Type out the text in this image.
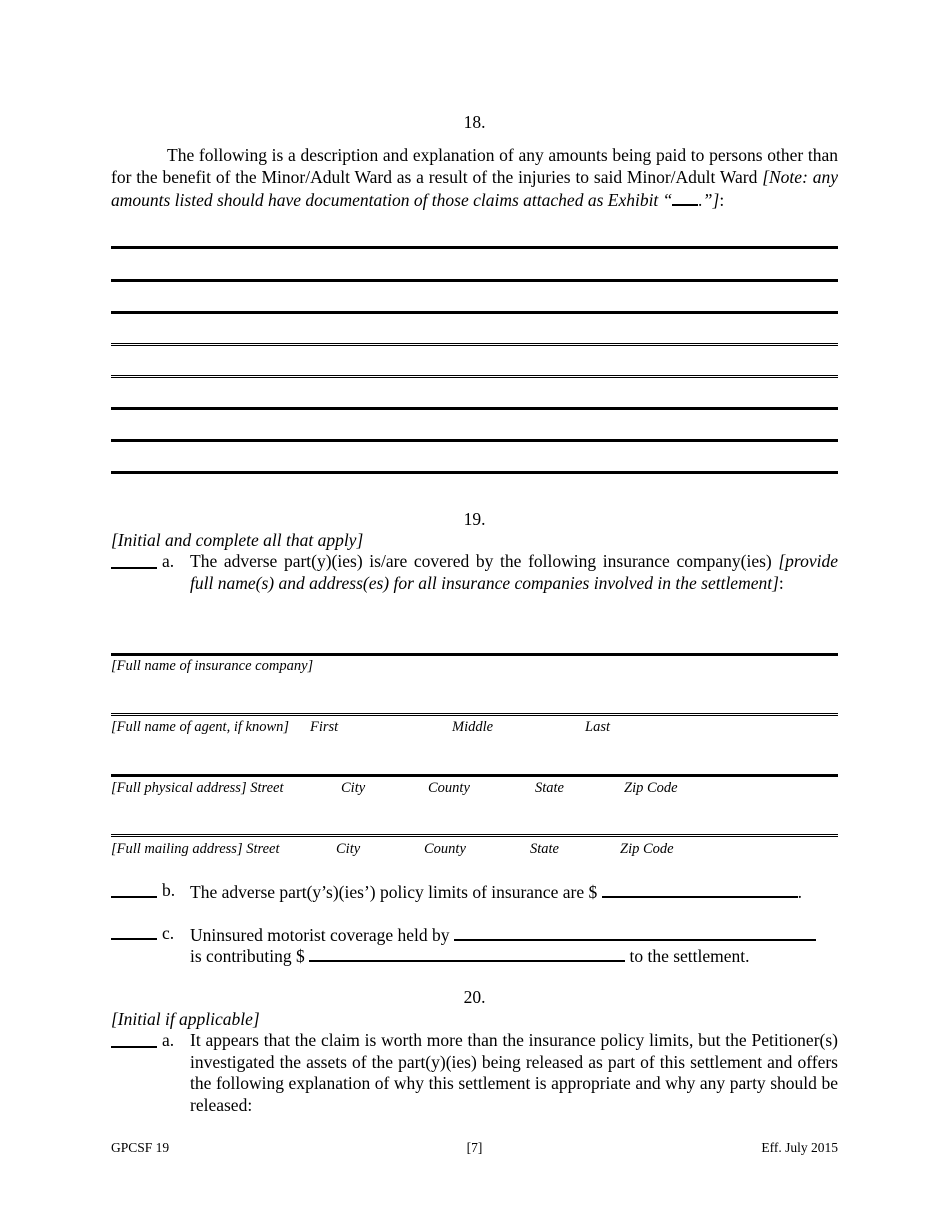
18.

The following is a description and explanation of any amounts being paid to persons other than for the benefit of the Minor/Adult Ward as a result of the injuries to said Minor/Adult Ward [Note: any amounts listed should have documentation of those claims attached as Exhibit “ .”]:

19.
[Initial and complete all that apply]
a. The adverse part(y)(ies) is/are covered by the following insurance company(ies) [provide full name(s) and address(es) for all insurance companies involved in the settlement]:
[Full name of insurance company]
[Full name of agent, if known] First	Middle	Last
[Full physical address] Street	City	County	State	Zip Code
[Full mailing address] Street	City	County	State	Zip Code
b. The adverse part(y’s)(ies’) policy limits of insurance are $	.
c. Uninsured motorist coverage held by
is contributing $	to the settlement.
20.
[Initial if applicable]
a. It appears that the claim is worth more than the insurance policy limits, but the Petitioner(s) investigated the assets of the part(y)(ies) being released as part of this settlement and offers the following explanation of why this settlement is appropriate and why any party should be released:
GPCSF 19	[7]	Eff. July 2015
